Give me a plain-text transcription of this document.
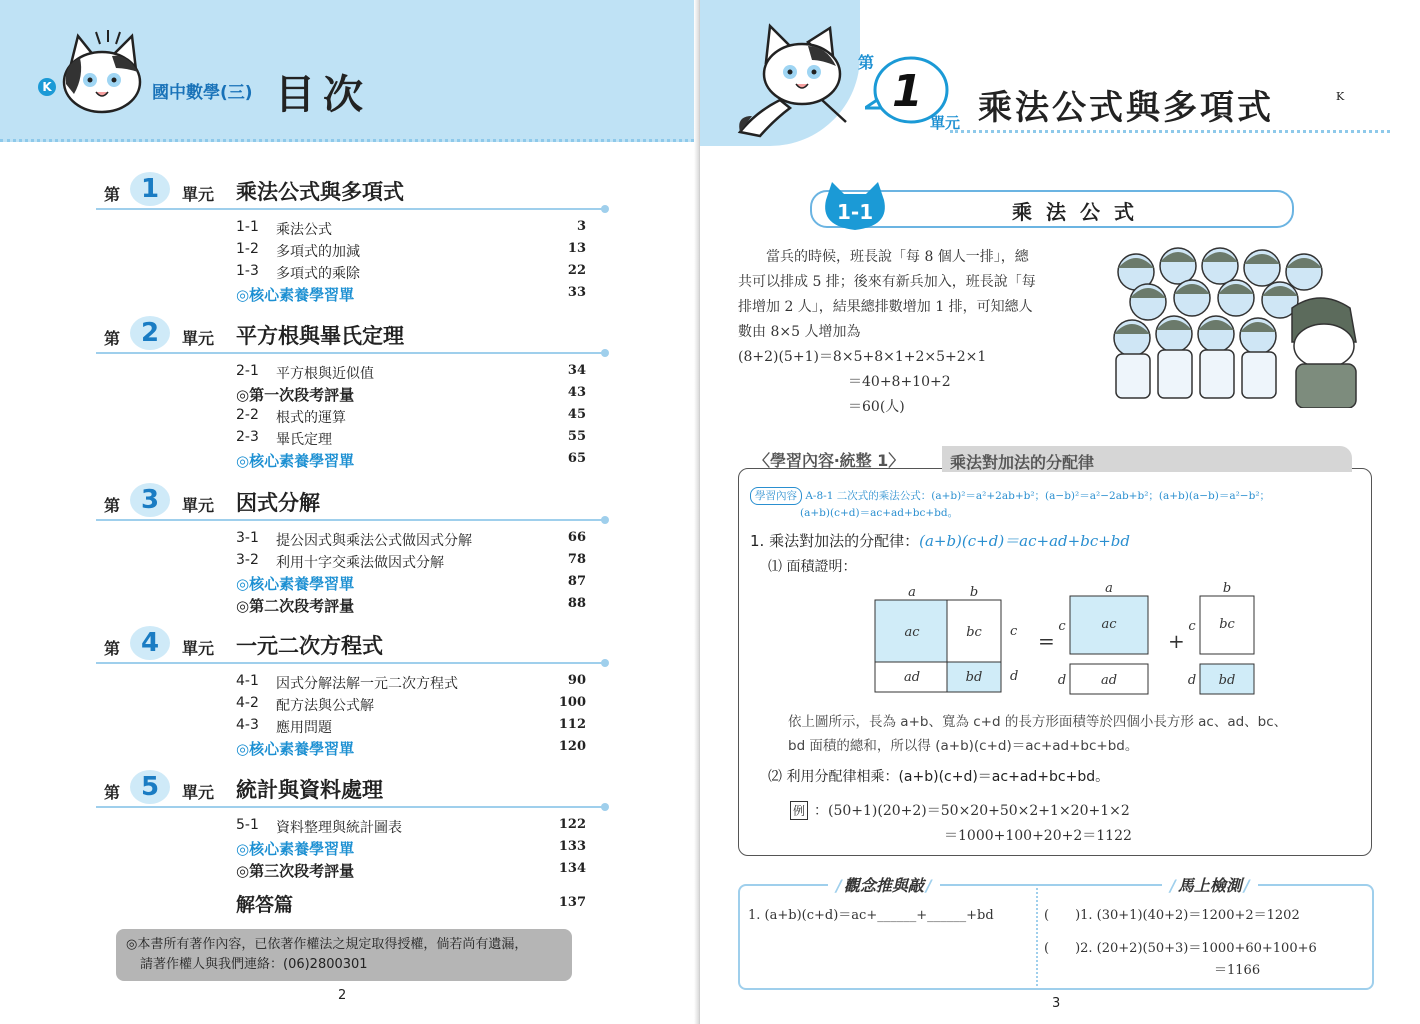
K	國中數學(三) 目次
第 1	單元 乘法公式與多項式
1-1 乘法公式	3
1-2 多項式的加減	13
1-3 多項式的乘除	22
◎核心素養學習單	33
第 2	單元 平方根與畢氏定理
2-1 平方根與近似值	34
◎第一次段考評量	43
2-2 根式的運算	45
2-3 畢氏定理	55
◎核心素養學習單	65
第 3	單元 因式分解
3-1 提公因式與乘法公式做因式分解	66
3-2 利用十字交乘法做因式分解	78
◎核心素養學習單	87
◎第二次段考評量	88
第 4	單元 一元二次方程式
4-1 因式分解法解一元二次方程式	90
4-2 配方法與公式解	100
4-3 應用問題	112
◎核心素養學習單	120
第 5	單元 統計與資料處理
5-1 資料整理與統計圖表	122
◎核心素養學習單	133
◎第三次段考評量	134
解答篇	137
◎本書所有著作內容，已依著作權法之規定取得授權，倘若尚有遺漏，
請著作權人與我們連絡：(06)2800301
2
第
1
單元 乘法公式與多項式	K
1-1	乘法公式

當兵的時候，班長說「每 8 個人一排」，總

共可以排成 5 排；後來有新兵加入，班長說「每

排增加 2 人」，結果總排數增加 1 排，可知總人

數由 8×5 人增加為

(8+2)(5+1)＝8×5+8×1+2×5+2×1
＝40+8+10+2
＝60(人)
〈學習內容‧統整 1〉	乘法對加法的分配律
學習內容 A-8-1 二次式的乘法公式：(a+b)²＝a²+2ab+b²；(a−b)²＝a²−2ab+b²；(a+b)(a−b)＝a²−b²；
(a+b)(c+d)＝ac+ad+bc+bd。
1. 乘法對加法的分配律：(a+b)(c+d)＝ac+ad+bc+bd
⑴ 面積證明：
a	b
c
d
ac	bc
ad	bd
=
a
c
d
ac
ad
+
b
c
d
bc
bd
依上圖所示，長為 a+b、寬為 c+d 的長方形面積等於四個小長方形 ac、ad、bc、
bd 面積的總和，所以得 (a+b)(c+d)＝ac+ad+bc+bd。
⑵ 利用分配律相乘：(a+b)(c+d)＝ac+ad+bc+bd。
例 ：(50+1)(20+2)＝50×20+50×2+1×20+1×2
＝1000+100+20+2＝1122
/ 觀念推與敲 /	/ 馬上檢測 /
1. (a+b)(c+d)＝ac+______+______+bd	(　　)1. (30+1)(40+2)＝1200+2＝1202
(　　)2. (20+2)(50+3)＝1000+60+100+6
＝1166
3
